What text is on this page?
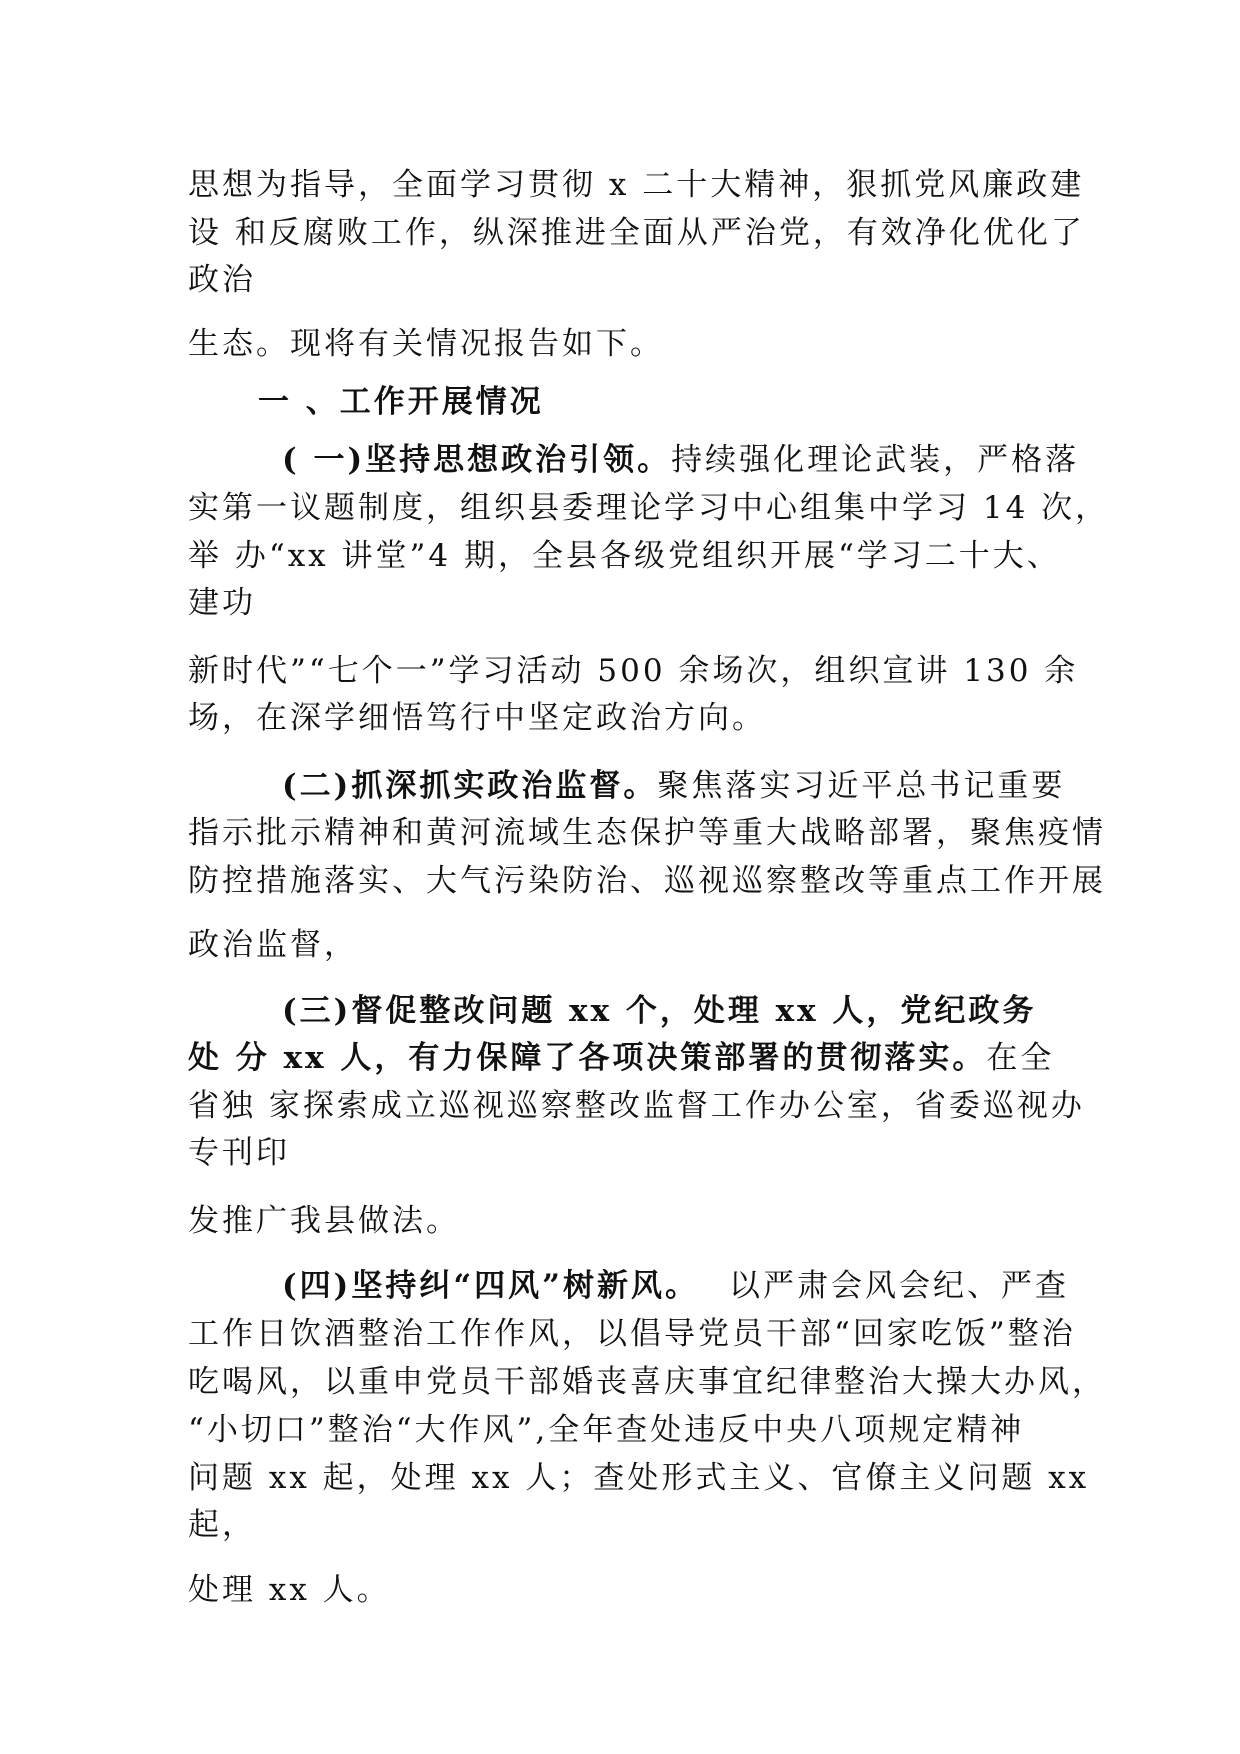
思想为指导，全面学习贯彻 x 二十大精神，狠抓党风廉政建
设 和反腐败工作，纵深推进全面从严治党，有效净化优化了
政治
生态。现将有关情况报告如下。
一 、工作开展情况
( 一)坚持思想政治引领。持续强化理论武装，严格落
实第一议题制度，组织县委理论学习中心组集中学习 14 次，
举 办“xx 讲堂”4 期，全县各级党组织开展“学习二十大、
建功
新时代”“七个一”学习活动 500 余场次，组织宣讲 130 余
场，在深学细悟笃行中坚定政治方向。
(二)抓深抓实政治监督。聚焦落实习近平总书记重要
指示批示精神和黄河流域生态保护等重大战略部署，聚焦疫情
防控措施落实、大气污染防治、巡视巡察整改等重点工作开展
政治监督，
(三)督促整改问题 xx 个，处理 xx 人，党纪政务
处 分 xx 人，有力保障了各项决策部署的贯彻落实。在全
省独 家探索成立巡视巡察整改监督工作办公室，省委巡视办
专刊印
发推广我县做法。
(四)坚持纠“四风”树新风。 以严肃会风会纪、严查
工作日饮酒整治工作作风，以倡导党员干部“回家吃饭”整治
吃喝风，以重申党员干部婚丧喜庆事宜纪律整治大操大办风，
“小切口”整治“大作风”,全年查处违反中央八项规定精神
问题 xx 起，处理 xx 人；查处形式主义、官僚主义问题 xx
起，
处理 xx 人。
